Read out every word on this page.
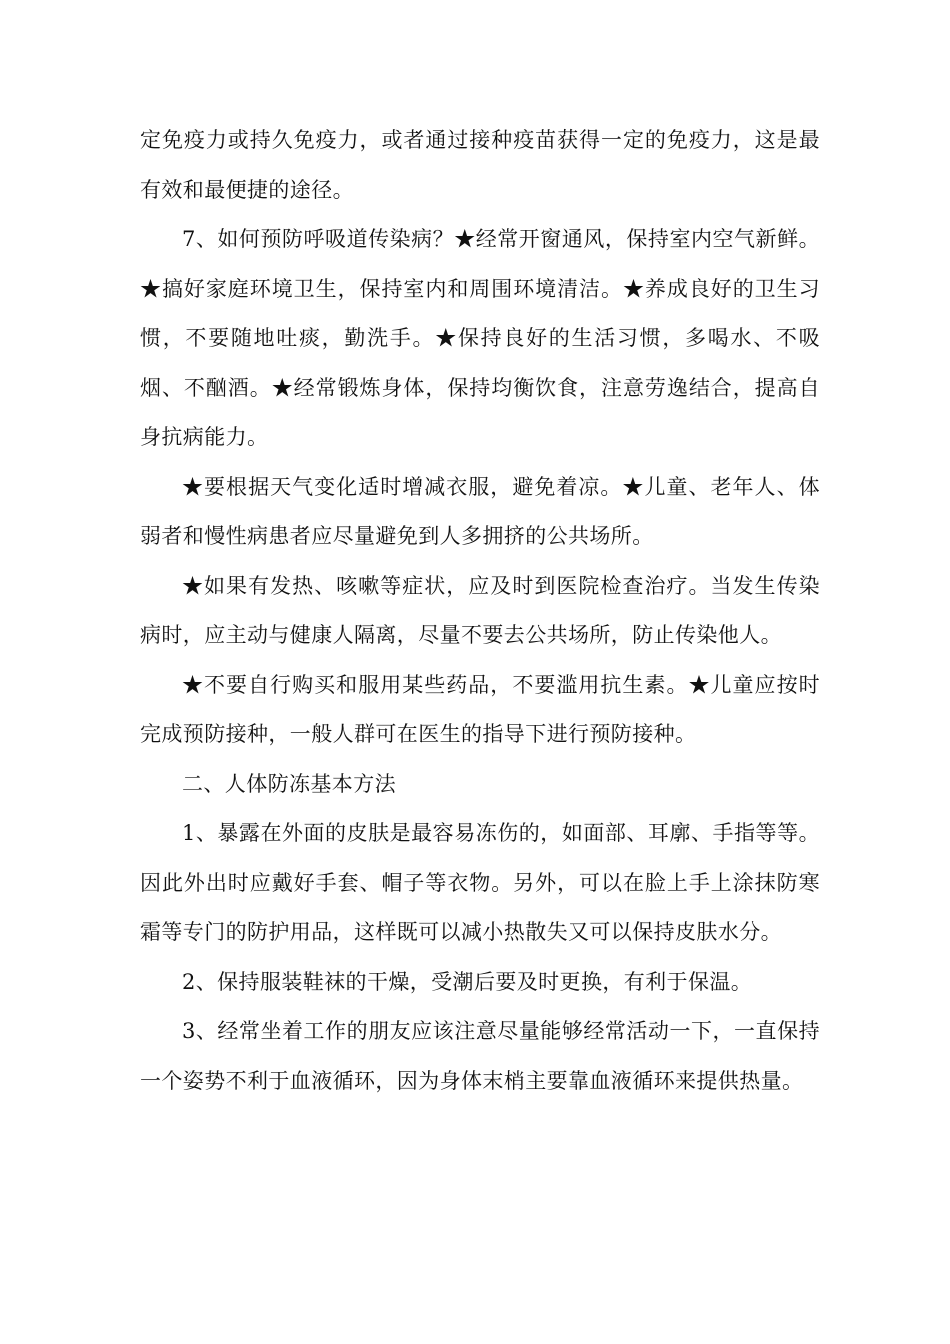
定免疫力或持久免疫力，或者通过接种疫苗获得一定的免疫力，这是最有效和最便捷的途径。

7、如何预防呼吸道传染病？★经常开窗通风，保持室内空气新鲜。★搞好家庭环境卫生，保持室内和周围环境清洁。★养成良好的卫生习惯，不要随地吐痰，勤洗手。★保持良好的生活习惯，多喝水、不吸烟、不酗酒。★经常锻炼身体，保持均衡饮食，注意劳逸结合，提高自身抗病能力。

★要根据天气变化适时增减衣服，避免着凉。★儿童、老年人、体弱者和慢性病患者应尽量避免到人多拥挤的公共场所。

★如果有发热、咳嗽等症状，应及时到医院检查治疗。当发生传染病时，应主动与健康人隔离，尽量不要去公共场所，防止传染他人。

★不要自行购买和服用某些药品，不要滥用抗生素。★儿童应按时完成预防接种，一般人群可在医生的指导下进行预防接种。

二、人体防冻基本方法

1、暴露在外面的皮肤是最容易冻伤的，如面部、耳廓、手指等等。因此外出时应戴好手套、帽子等衣物。另外，可以在脸上手上涂抹防寒霜等专门的防护用品，这样既可以减小热散失又可以保持皮肤水分。

2、保持服装鞋袜的干燥，受潮后要及时更换，有利于保温。

3、经常坐着工作的朋友应该注意尽量能够经常活动一下，一直保持一个姿势不利于血液循环，因为身体末梢主要靠血液循环来提供热量。
